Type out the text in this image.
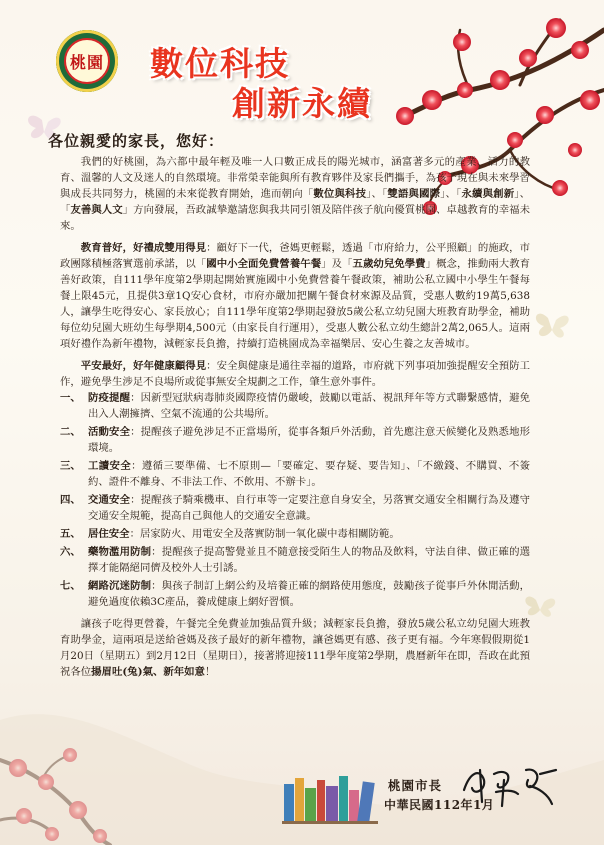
桃園 數位科技
創新永續
各位親愛的家長，您好：

我們的好桃園，為六都中最年輕及唯一人口數正成長的陽光城市，涵富著多元的產業、活力的教育、溫馨的人文及迷人的自然環境。非常榮幸能與所有教育夥伴及家長們攜手，為孩子現在與未來學習與成長共同努力，桃園的未來從教育開始，進而朝向「數位與科技」、「雙語與國際」、「永續與創新」、「友善與人文」方向發展，吾政誠摯邀請您與我共同引領及陪伴孩子航向優質桃園、卓越教育的幸福未來。

教育普好，好禮成雙用得見：顧好下一代，爸媽更輕鬆，透過「市府給力，公平照顧」的施政，市政團隊積極落實選前承諾，以「國中小全面免費營養午餐」及「五歲幼兒免學費」概念，推動兩大教育善好政策，自111學年度第2學期起開始實施國中小免費營養午餐政策，補助公私立國中小學生午餐每餐上限45元，且提供3章1Q安心食材，市府亦嚴加把關午餐食材來源及品質，受惠人數約19萬5,638人，讓學生吃得安心、家長放心；自111學年度第2學期起發放5歲公私立幼兒園大班教育助學金，補助每位幼兒園大班幼生每學期4,500元（由家長自行運用），受惠人數公私立幼生總計2萬2,065人。這兩項好禮作為新年禮物，減輕家長負擔，持續打造桃園成為幸福樂居、安心生養之友善城市。

平安最好，好年健康顧得見：安全與健康是通往幸福的道路，市府就下列事項加強提醒安全預防工作，避免學生涉足不良場所或從事無安全規劃之工作，肇生意外事件。

一、 防疫提醒：因新型冠狀病毒肺炎國際疫情仍嚴峻，鼓勵以電話、視訊拜年等方式聯繫感情，避免出入人潮擁擠、空氣不流通的公共場所。
二、 活動安全：提醒孩子避免涉足不正當場所，從事各類戶外活動，首先應注意天候變化及熟悉地形環境。
三、 工讀安全：遵循三要準備、七不原則—「要確定、要存疑、要告知」、「不繳錢、不購買、不簽約、證件不離身、不非法工作、不飲用、不辦卡」。
四、 交通安全：提醒孩子騎乘機車、自行車等一定要注意自身安全，另落實交通安全相關行為及遵守交通安全規範，提高自己與他人的交通安全意識。
五、 居住安全：居家防火、用電安全及落實防制一氧化碳中毒相關防範。
六、 藥物濫用防制：提醒孩子提高警覺並且不隨意接受陌生人的物品及飲料，守法自律、做正確的選擇才能隔絕同儕及校外人士引誘。
七、 網路沉迷防制：與孩子制訂上網公約及培養正確的網路使用態度，鼓勵孩子從事戶外休閒活動，避免過度依賴3C產品，養成健康上網好習慣。

讓孩子吃得更營養，午餐完全免費並加強品質升級；減輕家長負擔，發放5歲公私立幼兒園大班教育助學金，這兩項是送給爸媽及孩子最好的新年禮物，讓爸媽更有感、孩子更有福。今年寒假假期從1月20日（星期五）到2月12日（星期日），接著將迎接111學年度第2學期，農曆新年在即，吾政在此預祝各位揚眉吐(兔)氣、新年如意！

桃園市長
中華民國112年1月
